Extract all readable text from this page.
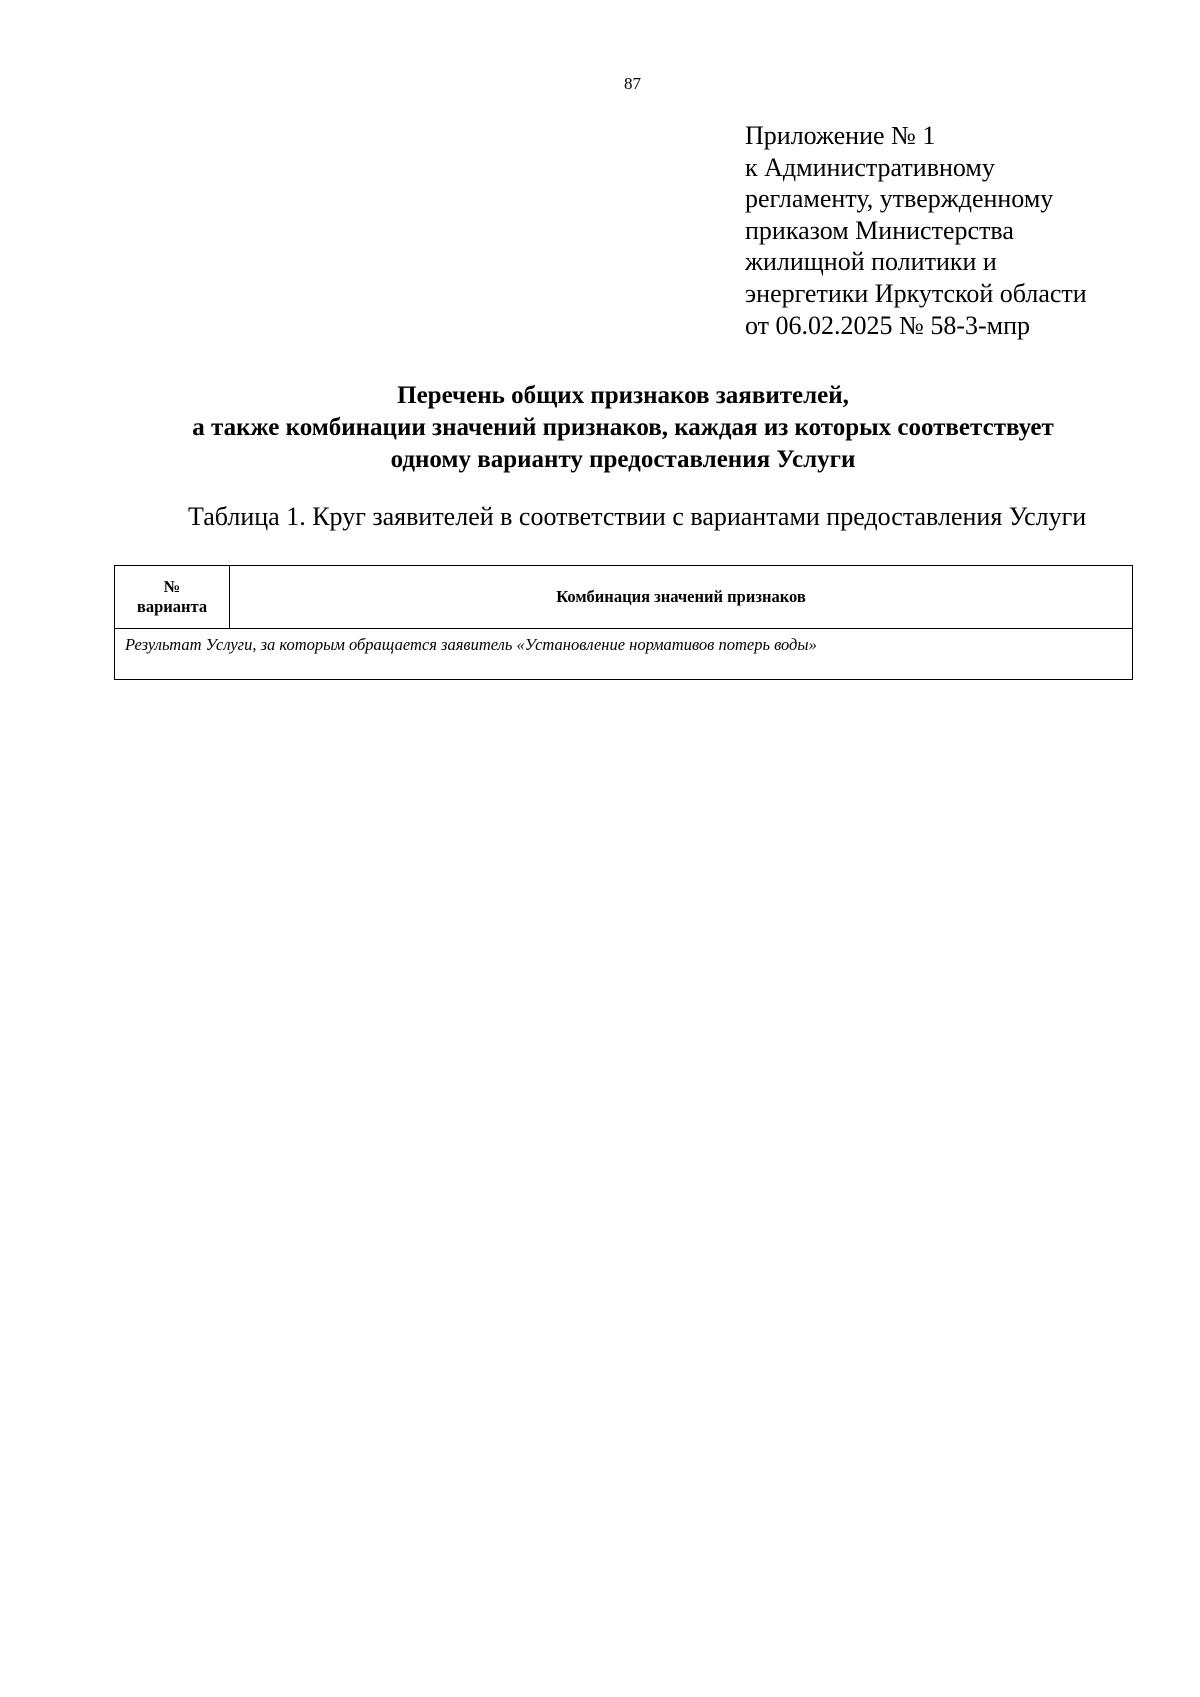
87
Приложение № 1
к Административному
регламенту, утвержденному
приказом Министерства
жилищной политики и
энергетики Иркутской области
от 06.02.2025 № 58-3-мпр
Перечень общих признаков заявителей,
а также комбинации значений признаков, каждая из которых соответствует
одному варианту предоставления Услуги
Таблица 1. Круг заявителей в соответствии с вариантами предоставления Услуги
№
варианта	Комбинация значений признаков
Результат Услуги, за которым обращается заявитель «Установление нормативов потерь воды»
